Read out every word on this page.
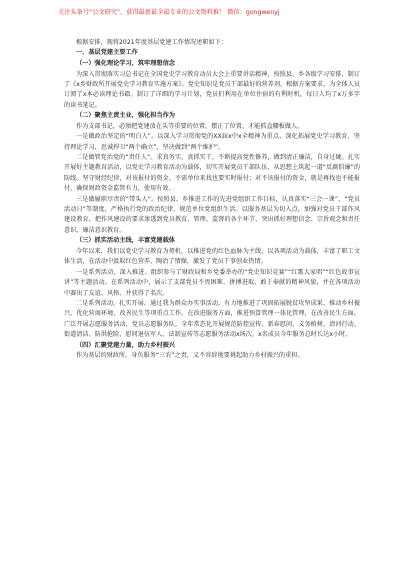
关注头条号“公文研究”，获得最新最全最专业的公文资料推！ 微信：gongwenyj

根据安排，现将2021年度基层党建工作情况述职如下：

一、基层党建主要工作

（一）强化理论学习，筑牢理想信念

为深入贯彻落实习总书记在全国党史学习教育动员大会上重要讲话精神，按照县、乡各级学习安排，制订了《x乡财政所开展党史学习教育实施方案》。党史知识是党员干部最好的营养剂，根据方案要求，为全体人员订阅了x本必读理论书籍。制订了详细的学习计划，党员们利用在单位住宿的有利时机，每日人均了x万多字的读书笔记。

（二）聚焦主责主业，强化担当作为

作为支部书记，必须把党建放在头等重要的位置，摆正了位置，才能抓直腰板做人。

一是做政治坚定的“明白人”。以深入学习贯彻党的XX届x中x全精神为重点，深化拓展党史学习教育，坚持理论学习，思诚捍卫“两个确立”，坚决做到“两个维护”。

二是做管党治党的“责任人”。求真务实，真抓实干，不断提高党性修养，做到清正廉洁，自身过硬。扎实开展好主题教育活动，以党史学习教育活动为载体，切实开展党员干部队伍，从思想上筑起一道“反腐倡廉”的防线。坚守财经纪律，对该报付的资金，不需单位来找也要实时报付；对不该报付的资金，就是再找也不能报付，确保财政资金监管有力，使用有效。

三是做履职尽责的“带头人”。按照县、乡推进工作的先进党组织工作目标，认真落实“三会一课”、“党员活动日”等制度，严格执行党的政治纪律，规范单位党组织生活。以服务基层为切入点，加强对党员干部作风建设教育，把作风建设的要求渗透到党员教育、管理、监督的各个环节，突出抓好理想信念、宗旨观念和责任意识、廉洁意识教育。

（三）抓实活动主线，丰富党建载体

今年以来，我们以党史学习教育为契机，以推进党的红色血脉为主线，以各项活动为载体，丰富了职工文体生活，在活动中汲取红色营养，陶冶了情操，激发了党员干事创业热情。

一是系列活动，深入推进。组织参与了财政局和乡党委举办的“党史知识竞赛”“红歌大家唱”“红色故事宣讲”等主题活动。在系列活动中，展示了支部党员不畏困难、拼搏进取、敢于奉献的精神风貌，并在各项活动中赛出了友谊、风格、并获得了名次。

二是系列活动，扎实开展。通过我为群众办实事活动，有力地推进了巩固拓展脱贫攻坚成果、推动乡村振兴，优化营商环境、改善民生等项重点工作。在改进服务方面，推进预算管理一体化管理，在改善民生方面，广泛开展志愿服务活动，党员志愿服务队，全年常态化开展规范防控宣传、新春慰问、义务植树、清河行动、街道清洁、防洪抢险、慰问退伍军人、法制宣传等志愿服务活动x场次，x名成员今年服务总时长达x小时。

（四）汇聚党建力量，助力乡村振兴

作为基层的财政所，身负服务“三农”之责，义不容辞地要挑起助力乡村振兴的重担。
